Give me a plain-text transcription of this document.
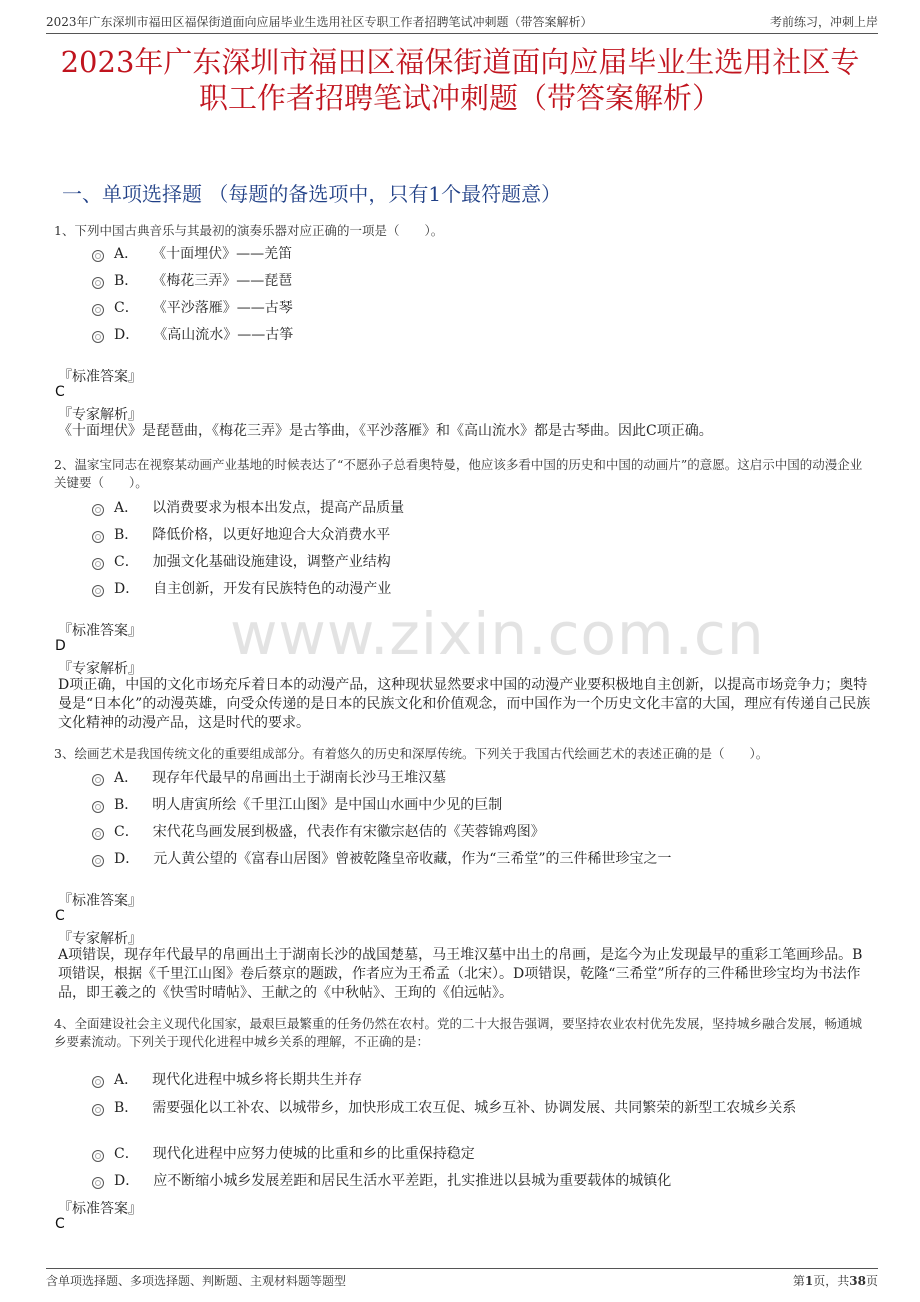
2023年广东深圳市福田区福保街道面向应届毕业生选用社区专职工作者招聘笔试冲刺题（带答案解析）	考前练习，冲刺上岸
2023年广东深圳市福田区福保街道面向应届毕业生选用社区专
职工作者招聘笔试冲刺题（带答案解析）
一、单项选择题 （每题的备选项中，只有1个最符题意）
www.zixin.com.cn
1、下列中国古典音乐与其最初的演奏乐器对应正确的一项是（　　）。
A． 《十面埋伏》——羌笛
B． 《梅花三弄》——琵琶
C． 《平沙落雁》——古琴
D． 《高山流水》——古筝
『标准答案』
C
『专家解析』
《十面埋伏》是琵琶曲，《梅花三弄》是古筝曲，《平沙落雁》和《高山流水》都是古琴曲。因此C项正确。
2、温家宝同志在视察某动画产业基地的时候表达了“不愿孙子总看奥特曼，他应该多看中国的历史和中国的动画片”的意愿。这启示中国的动漫企业关键要（　　）。
A． 以消费要求为根本出发点，提高产品质量
B． 降低价格，以更好地迎合大众消费水平
C． 加强文化基础设施建设，调整产业结构
D． 自主创新，开发有民族特色的动漫产业
『标准答案』
D
『专家解析』
D项正确，中国的文化市场充斥着日本的动漫产品，这种现状显然要求中国的动漫产业要积极地自主创新，以提高市场竞争力；奥特曼是“日本化”的动漫英雄，向受众传递的是日本的民族文化和价值观念，而中国作为一个历史文化丰富的大国，理应有传递自己民族文化精神的动漫产品，这是时代的要求。
3、绘画艺术是我国传统文化的重要组成部分。有着悠久的历史和深厚传统。下列关于我国古代绘画艺术的表述正确的是（　　）。
A． 现存年代最早的帛画出土于湖南长沙马王堆汉墓
B． 明人唐寅所绘《千里江山图》是中国山水画中少见的巨制
C． 宋代花鸟画发展到极盛，代表作有宋徽宗赵佶的《芙蓉锦鸡图》
D． 元人黄公望的《富春山居图》曾被乾隆皇帝收藏，作为“三希堂”的三件稀世珍宝之一
『标准答案』
C
『专家解析』
A项错误，现存年代最早的帛画出土于湖南长沙的战国楚墓，马王堆汉墓中出土的帛画，是迄今为止发现最早的重彩工笔画珍品。B项错误，根据《千里江山图》卷后蔡京的题跋，作者应为王希孟（北宋）。D项错误，乾隆“三希堂”所存的三件稀世珍宝均为书法作品，即王羲之的《快雪时晴帖》、王献之的《中秋帖》、王珣的《伯远帖》。
4、全面建设社会主义现代化国家，最艰巨最繁重的任务仍然在农村。党的二十大报告强调，要坚持农业农村优先发展，坚持城乡融合发展，畅通城乡要素流动。下列关于现代化进程中城乡关系的理解，不正确的是：
A． 现代化进程中城乡将长期共生并存
B． 需要强化以工补农、以城带乡，加快形成工农互促、城乡互补、协调发展、共同繁荣的新型工农城乡关系
C． 现代化进程中应努力使城的比重和乡的比重保持稳定
D． 应不断缩小城乡发展差距和居民生活水平差距，扎实推进以县城为重要载体的城镇化
『标准答案』
C
含单项选择题、多项选择题、判断题、主观材料题等题型	第1页，共38页
